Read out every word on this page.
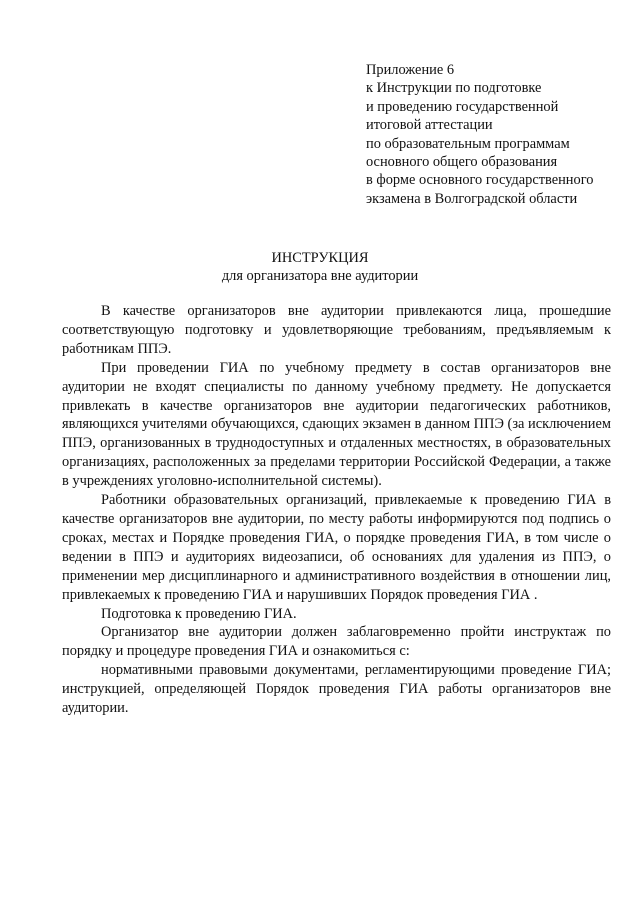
Приложение 6
к Инструкции по подготовке
и проведению государственной
итоговой аттестации
по образовательным программам
основного общего образования
в форме основного государственного
экзамена в Волгоградской области
ИНСТРУКЦИЯ
для организатора вне аудитории

В качестве организаторов вне аудитории привлекаются лица, прошедшие соответствующую подготовку и удовлетворяющие требованиям, предъявляемым к работникам ППЭ.

При проведении ГИА по учебному предмету в состав организаторов вне аудитории не входят специалисты по данному учебному предмету. Не допускается привлекать в качестве организаторов вне аудитории педагогических работников, являющихся учителями обучающихся, сдающих экзамен в данном ППЭ (за исключением ППЭ, организованных в труднодоступных и отдаленных местностях, в образовательных организациях, расположенных за пределами территории Российской Федерации, а также в учреждениях уголовно-исполнительной системы).

Работники образовательных организаций, привлекаемые к проведению ГИА в качестве организаторов вне аудитории, по месту работы информируются под подпись о сроках, местах и Порядке проведения ГИА, о порядке проведения ГИА, в том числе о ведении в ППЭ и аудиториях видеозаписи, об основаниях для удаления из ППЭ, о применении мер дисциплинарного и административного воздействия в отношении лиц, привлекаемых к проведению ГИА и нарушивших Порядок проведения ГИА .

Подготовка к проведению ГИА.

Организатор вне аудитории должен заблаговременно пройти инструктаж по порядку и процедуре проведения ГИА и ознакомиться с:

нормативными правовыми документами, регламентирующими проведение ГИА; инструкцией, определяющей Порядок проведения ГИА работы организаторов вне аудитории.
